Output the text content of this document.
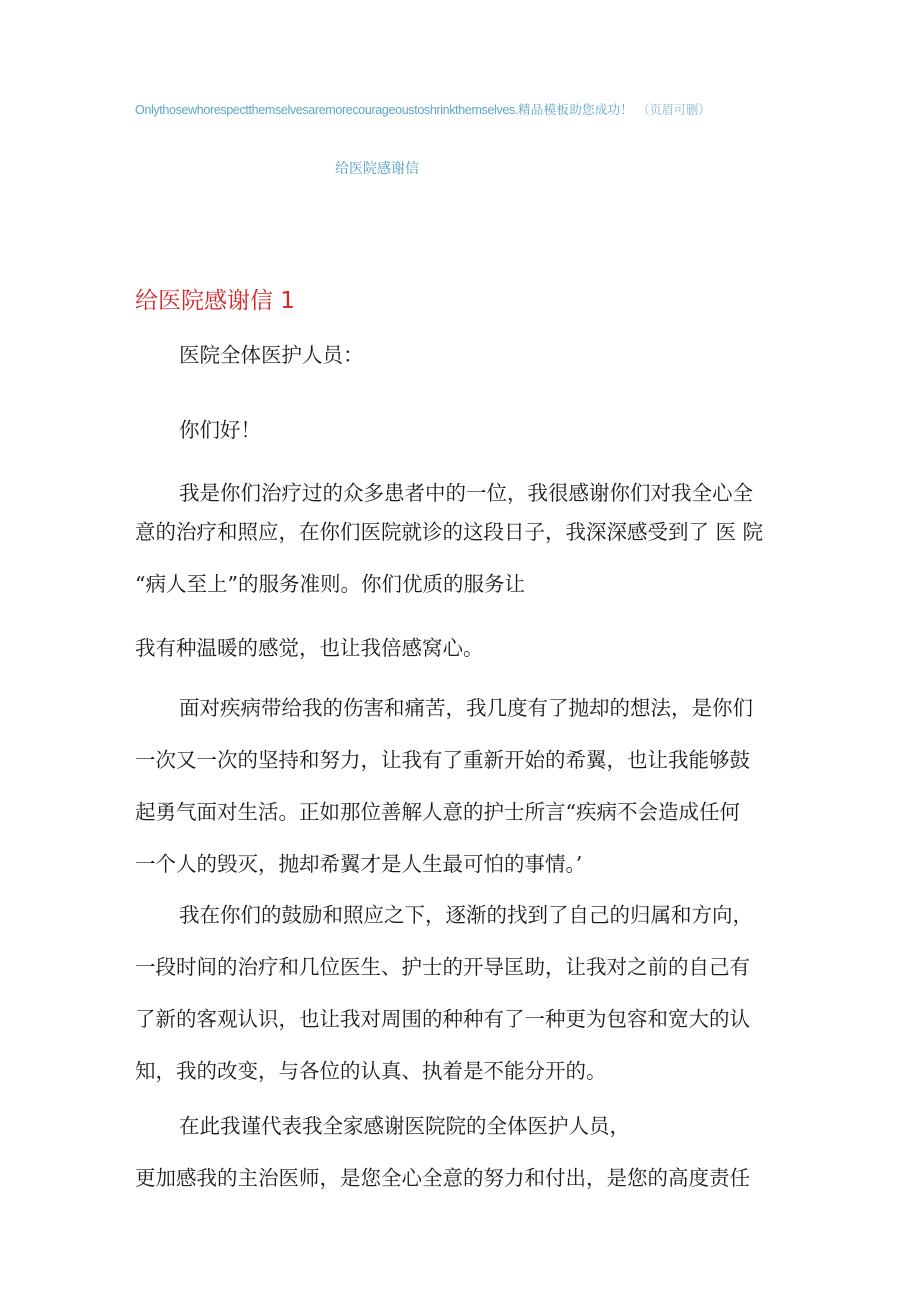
Onlythosewhorespectthemselvesaremorecourageoustoshrinkthemselves.精品模板助您成功！ （页眉可删）
给医院感谢信
给医院感谢信 1
医院全体医护人员：
你们好！
我是你们治疗过的众多患者中的一位，我很感谢你们对我全心全
意的治疗和照应，在你们医院就诊的这段日子，我深深感受到了 医 院
“病人至上”的服务准则。你们优质的服务让
我有种温暖的感觉，也让我倍感窝心。
面对疾病带给我的伤害和痛苦，我几度有了抛却的想法，是你们
一次又一次的坚持和努力，让我有了重新开始的希翼，也让我能够鼓
起勇气面对生活。正如那位善解人意的护士所言“疾病不会造成任何
一个人的毁灭，抛却希翼才是人生最可怕的事情。’
我在你们的鼓励和照应之下，逐渐的找到了自己的归属和方向，
一段时间的治疗和几位医生、护士的开导匡助，让我对之前的自己有
了新的客观认识，也让我对周围的种种有了一种更为包容和宽大的认
知，我的改变，与各位的认真、执着是不能分开的。
在此我谨代表我全家感谢医院院的全体医护人员，
更加感我的主治医师，是您全心全意的努力和付出，是您的高度责任
